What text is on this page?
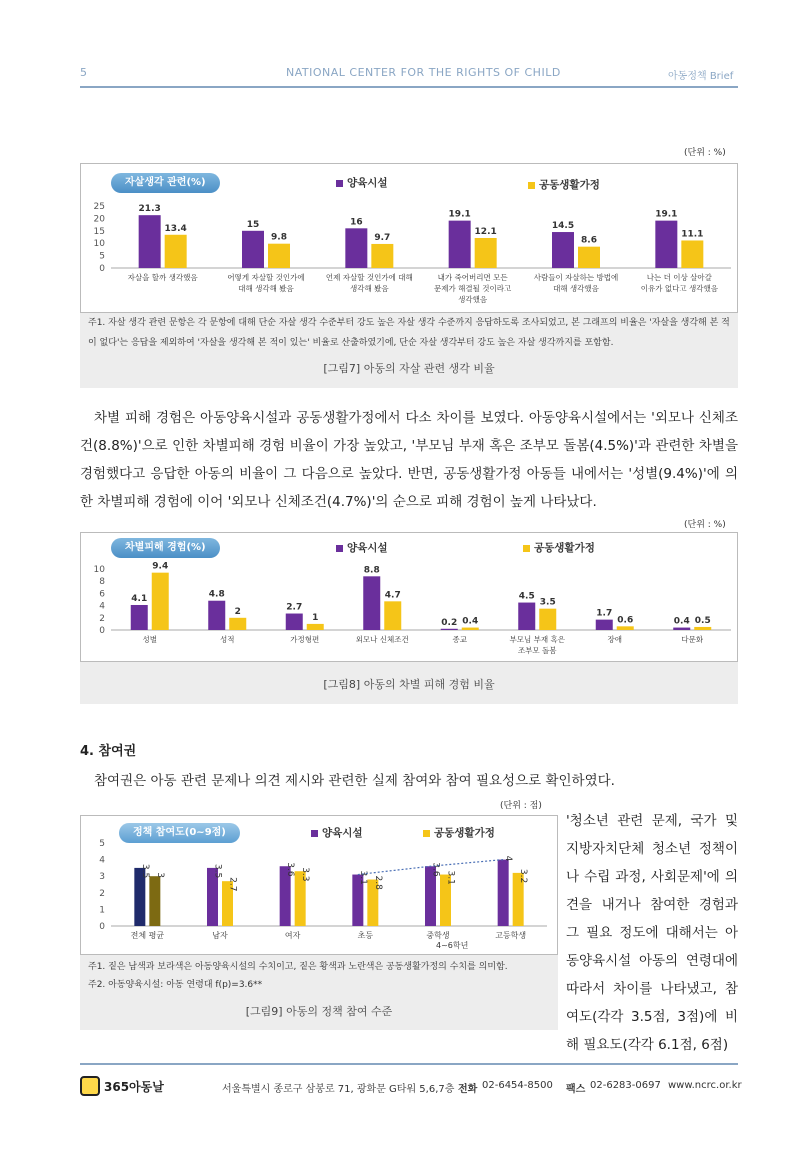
5	NATIONAL CENTER FOR THE RIGHTS OF CHILD	아동정책 Brief
(단위 : %)
자살생각 관련(%)	양육시설	공동생활가정
25
20
15
10
5
0
21.3
13.4
자살을 할까 생각했음
15
9.8
어떻게 자살할 것인가에
대해 생각해 봤음
16
9.7
언제 자살할 것인가에 대해
생각해 봤음
19.1
12.1
내가 죽어버리면 모든
문제가 해결될 것이라고
생각했음
14.5
8.6
사람들이 자살하는 방법에
대해 생각했음
19.1
11.1
나는 더 이상 살아갈
이유가 없다고 생각했음
주1. 자살 생각 관련 문항은 각 문항에 대해 단순 자살 생각 수준부터 강도 높은 자살 생각 수준까지 응답하도록 조사되었고, 본 그래프의 비율은 '자살을 생각해 본 적이 없다'는 응답을 제외하여 '자살을 생각해 본 적이 있는' 비율로 산출하였기에, 단순 자살 생각부터 강도 높은 자살 생각까지를 포함함.
[그림7] 아동의 자살 관련 생각 비율
차별 피해 경험은 아동양육시설과 공동생활가정에서 다소 차이를 보였다. 아동양육시설에서는 '외모나 신체조건(8.8%)'으로 인한 차별피해 경험 비율이 가장 높았고, '부모님 부재 혹은 조부모 돌봄(4.5%)'과 관련한 차별을 경험했다고 응답한 아동의 비율이 그 다음으로 높았다. 반면, 공동생활가정 아동들 내에서는 '성별(9.4%)'에 의한 차별피해 경험에 이어 '외모나 신체조건(4.7%)'의 순으로 피해 경험이 높게 나타났다.
(단위 : %)
차별피해 경험(%)	양육시설	공동생활가정
10
8
6
4
2
0
4.1
9.4
성별
4.8
2
성적
2.7
1
가정형편
8.8
4.7
외모나 신체조건
0.2 0.4
종교
4.5
3.5
부모님 부재 혹은
조부모 돌봄
1.7
0.6
장애
0.4 0.5
다문화
[그림8] 아동의 차별 피해 경험 비율
4. 참여권
참여권은 아동 관련 문제나 의견 제시와 관련한 실제 참여와 참여 필요성으로 확인하였다.
(단위 : 점)
정책 참여도(0~9점)	양육시설	공동생활가정
5
4
3
2
1
0
3.5 3
전체 평균
3.5
2.7
남자
3.6 3.3
여자
3.1 2.8
초등
3.6
3.1
중학생
4
3.2
고등학생
4~6학년
주1. 짙은 남색과 보라색은 아동양육시설의 수치이고, 짙은 황색과 노란색은 공동생활가정의 수치를 의미함.
주2. 아동양육시설: 아동 연령대 f(p)=3.6**
[그림9] 아동의 정책 참여 수준
'청소년 관련 문제, 국가 및 지방자치단체 청소년 정책이나 수립 과정, 사회문제'에 의견을 내거나 참여한 경험과 그 필요 정도에 대해서는 아동양육시설 아동의 연령대에 따라서 차이를 나타냈고, 참여도(각각 3.5점, 3점)에 비해 필요도(각각 6.1점, 6점)
365아동날	서울특별시 종로구 삼봉로 71, 광화문 G타워 5,6,7층 전화 02-6454-8500 팩스 02-6283-0697 www.ncrc.or.kr
